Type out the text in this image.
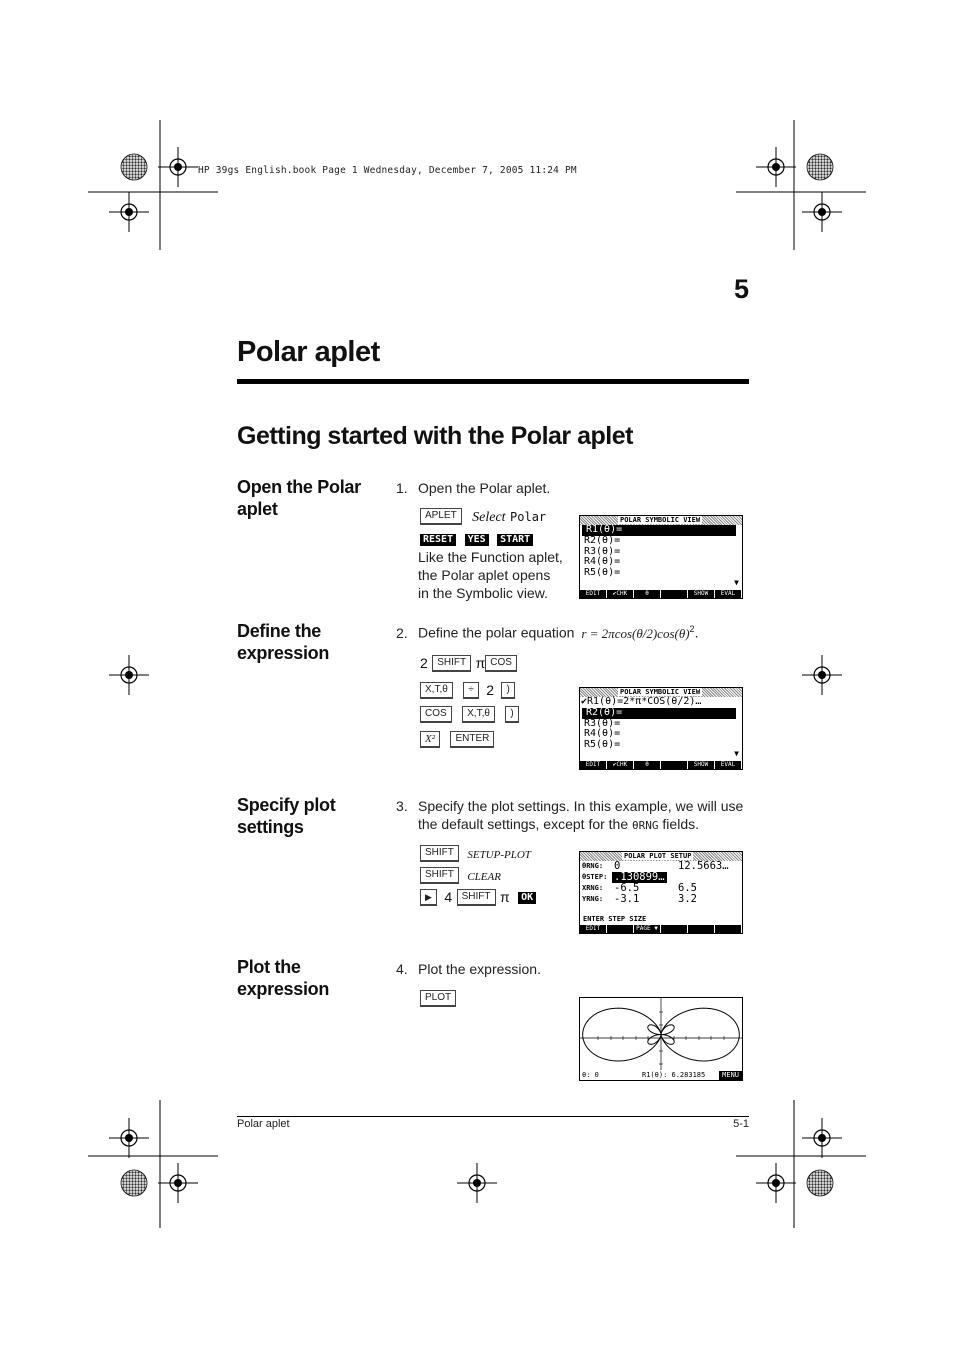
HP 39gs English.book Page 1 Wednesday, December 7, 2005 11:24 PM
5
Polar aplet
Getting started with the Polar aplet
Open the Polar aplet
1. Open the Polar aplet.
APLET Select Polar
RESET YES START
Like the Function aplet, the Polar aplet opens in the Symbolic view.
POLAR SYMBOLIC VIEW
R1(θ)=
R2(θ)=
R3(θ)=
R4(θ)=
R5(θ)=
▼
EDIT	✔CHK	θ	SHOW	EVAL
Define the expression
2. Define the polar equation $r = 2\pi\cos(\theta/2)\cos(\theta)^2$.
2 SHIFT π COS
X,T,θ ÷ 2 )
COS X,T,θ )
X² ENTER
POLAR SYMBOLIC VIEW
✔R1(θ)=2*π*COS(θ/2)…
R2(θ)=
R3(θ)=
R4(θ)=
R5(θ)=
▼
EDIT	✔CHK	θ	SHOW	EVAL
Specify plot settings
3. Specify the plot settings. In this example, we will use the default settings, except for the θRNG fields.
SHIFT SETUP-PLOT
SHIFT CLEAR
▶ 4 SHIFT π OK
POLAR PLOT SETUP
θRNG: 0	12.5663…
θSTEP: .130899…
XRNG: -6.5	6.5
YRNG: -3.1	3.2
ENTER STEP SIZE
EDIT	PAGE ▼
Plot the expression
4. Plot the expression.
PLOT
θ: 0	R1(θ): 6.283185	MENU
Polar aplet	5-1
